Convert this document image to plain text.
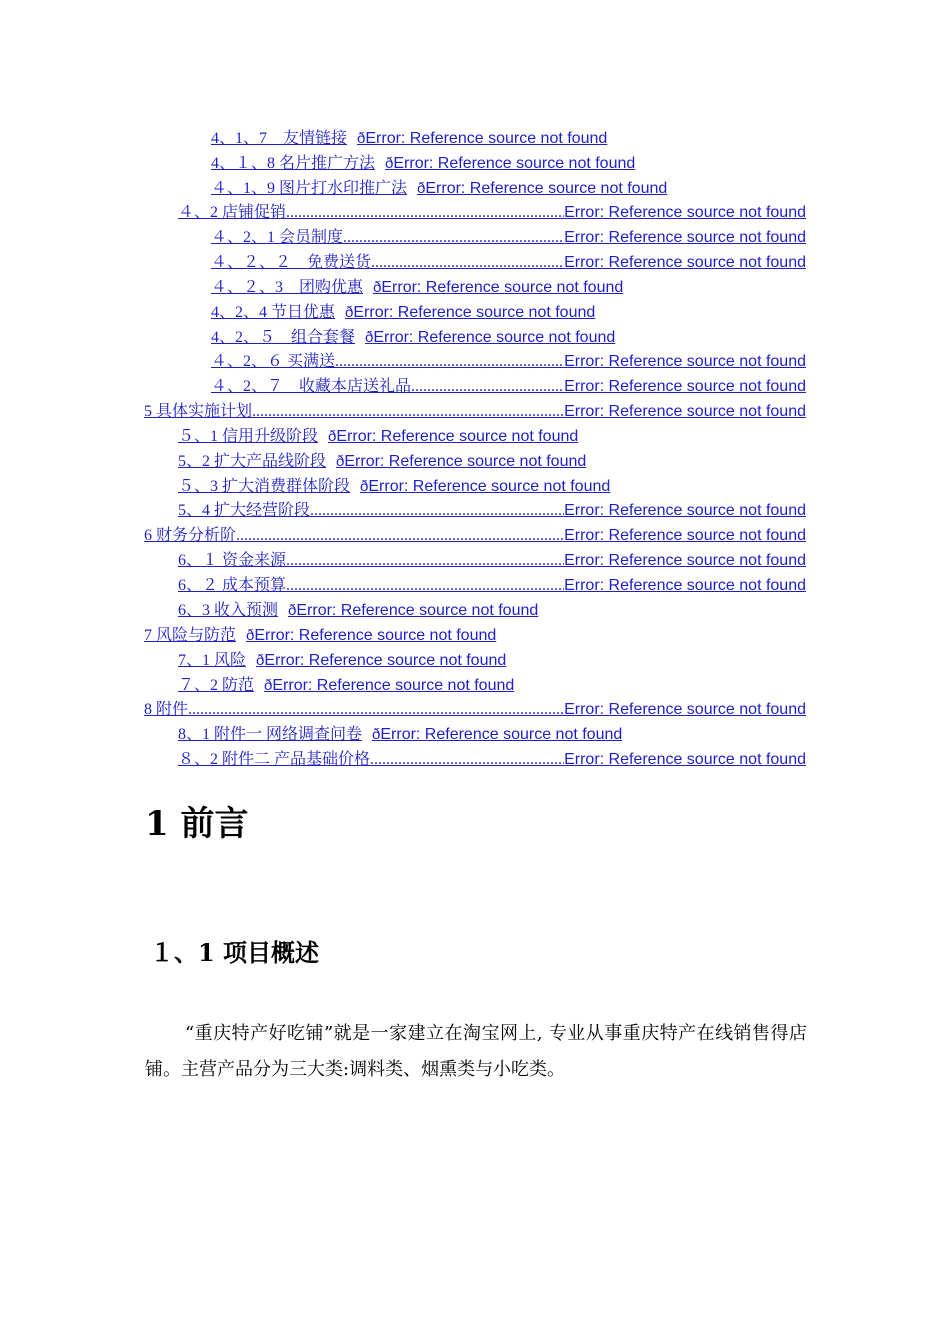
4、1、7　友情链接 ðError: Reference source not found
4、１、8 名片推广方法 ðError: Reference source not found
４、1、9 图片打水印推广法 ðError: Reference source not found
４、2 店铺促销 .....	Error: Reference source not found
４、2、1 会员制度 .....	Error: Reference source not found
４、２、２　免费送货 .....	Error: Reference source not found
４、２、3　团购优惠 ðError: Reference source not found
4、2、4 节日优惠 ðError: Reference source not found
4、2、５　组合套餐 ðError: Reference source not found
４、2、６ 买满送 .....	Error: Reference source not found
４、2、７　收藏本店送礼品 .....	Error: Reference source not found
5 具体实施计划 .....	Error: Reference source not found
５、1 信用升级阶段 ðError: Reference source not found
5、2 扩大产品线阶段 ðError: Reference source not found
５、3 扩大消费群体阶段 ðError: Reference source not found
5、4 扩大经营阶段 .....	Error: Reference source not found
6 财务分析阶 .....	Error: Reference source not found
6、１ 资金来源 .....	Error: Reference source not found
6、２ 成本预算 .....	Error: Reference source not found
6、3 收入预测 ðError: Reference source not found
7 风险与防范 ðError: Reference source not found
7、1 风险 ðError: Reference source not found
７、2 防范 ðError: Reference source not found
8 附件 .....	Error: Reference source not found
8、1 附件一 网络调查问卷 ðError: Reference source not found
８、2 附件二 产品基础价格 .....	Error: Reference source not found
1 前言
１、1 项目概述

“重庆特产好吃铺”就是一家建立在淘宝网上, 专业从事重庆特产在线销售得店铺。主营产品分为三大类:调料类、烟熏类与小吃类。
